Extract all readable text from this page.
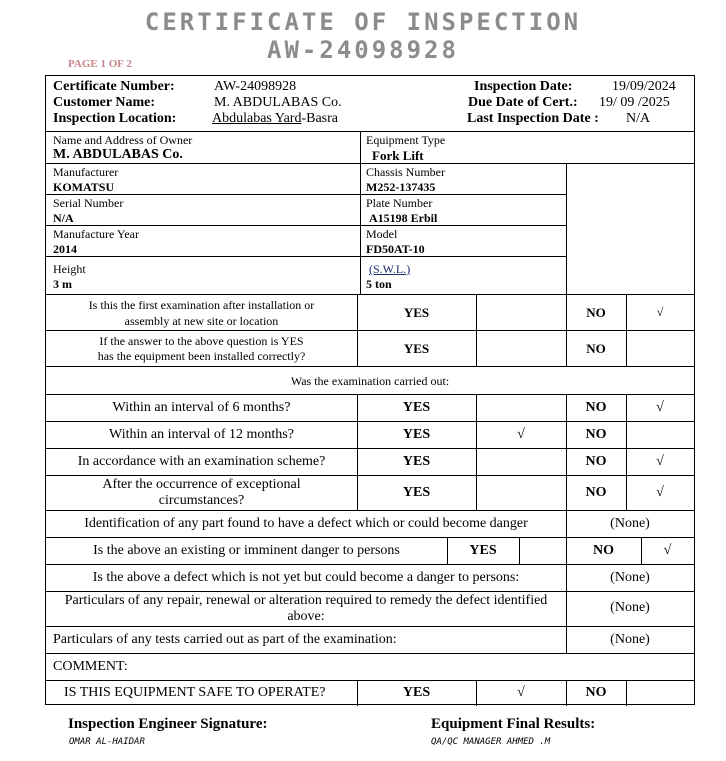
CERTIFICATE OF INSPECTION
AW-24098928
PAGE 1 OF 2
Certificate Number:	AW-24098928
Customer Name:	M. ABDULABAS Co.
Inspection Location:	Abdulabas Yard-Basra
Inspection Date:	19/09/2024
Due Date of Cert.: 19/ 09 /2025
Last Inspection Date : N/A
Name and Address of Owner
M. ABDULABAS Co.
Equipment Type
Fork Lift
Manufacturer
KOMATSU
Chassis Number
M252-137435
Serial Number
N/A
Plate Number
A15198 Erbil
Manufacture Year
2014
Model
FD50AT-10
Height
3 m
(S.W.L.)
5 ton
Is this the first examination after installation or
assembly at new site or location
YES	NO	√
If the answer to the above question is YES
has the equipment been installed correctly?	YES	NO
Was the examination carried out:
Within an interval of 6 months?	YES	NO	√
Within an interval of 12 months?	YES	√	NO
In accordance with an examination scheme?	YES	NO	√
After the occurrence of exceptional
circumstances?
YES	NO	√
Identification of any part found to have a defect which or could become danger	(None)
Is the above an existing or imminent danger to persons	YES	NO	√
Is the above a defect which is not yet but could become a danger to persons:	(None)
Particulars of any repair, renewal or alteration required to remedy the defect identified
above:
(None)
Particulars of any tests carried out as part of the examination:	(None)
COMMENT:
IS THIS EQUIPMENT SAFE TO OPERATE?	YES	√	NO
Inspection Engineer Signature:
OMAR AL-HAIDAR
Equipment Final Results:
QA/QC MANAGER AHMED .M
